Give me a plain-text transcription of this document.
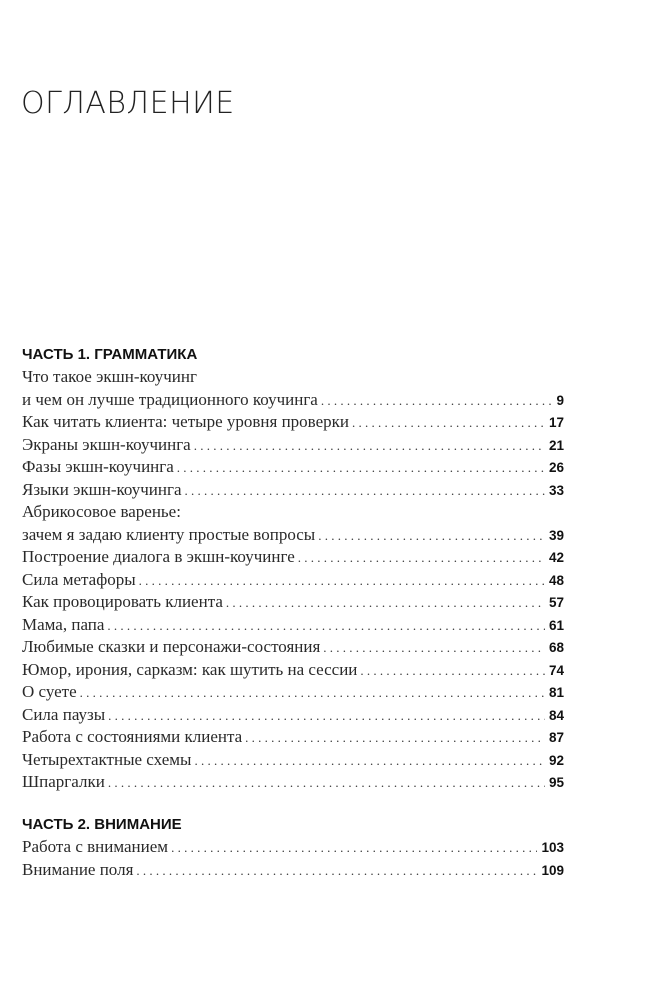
ОГЛАВЛЕНИЕ
ЧАСТЬ 1. ГРАММАТИКА
Что такое экшн-коучинг
и чем он лучше традиционного коучинга . . .	9
Как читать клиента: четыре уровня проверки . . .	17
Экраны экшн-коучинга . . .	21
Фазы экшн-коучинга . . .	26
Языки экшн-коучинга . . .	33
Абрикосовое варенье:
зачем я задаю клиенту простые вопросы . . .	39
Построение диалога в экшн-коучинге . . .	42
Сила метафоры . . .	48
Как провоцировать клиента . . .	57
Мама, папа . . .	61
Любимые сказки и персонажи-состояния . . .	68
Юмор, ирония, сарказм: как шутить на сессии . . .	74
О суете . . .	81
Сила паузы . . .	84
Работа с состояниями клиента . . .	87
Четырехтактные схемы . . .	92
Шпаргалки . . .	95
ЧАСТЬ 2. ВНИМАНИЕ
Работа с вниманием . . .	103
Внимание поля . . .	109
